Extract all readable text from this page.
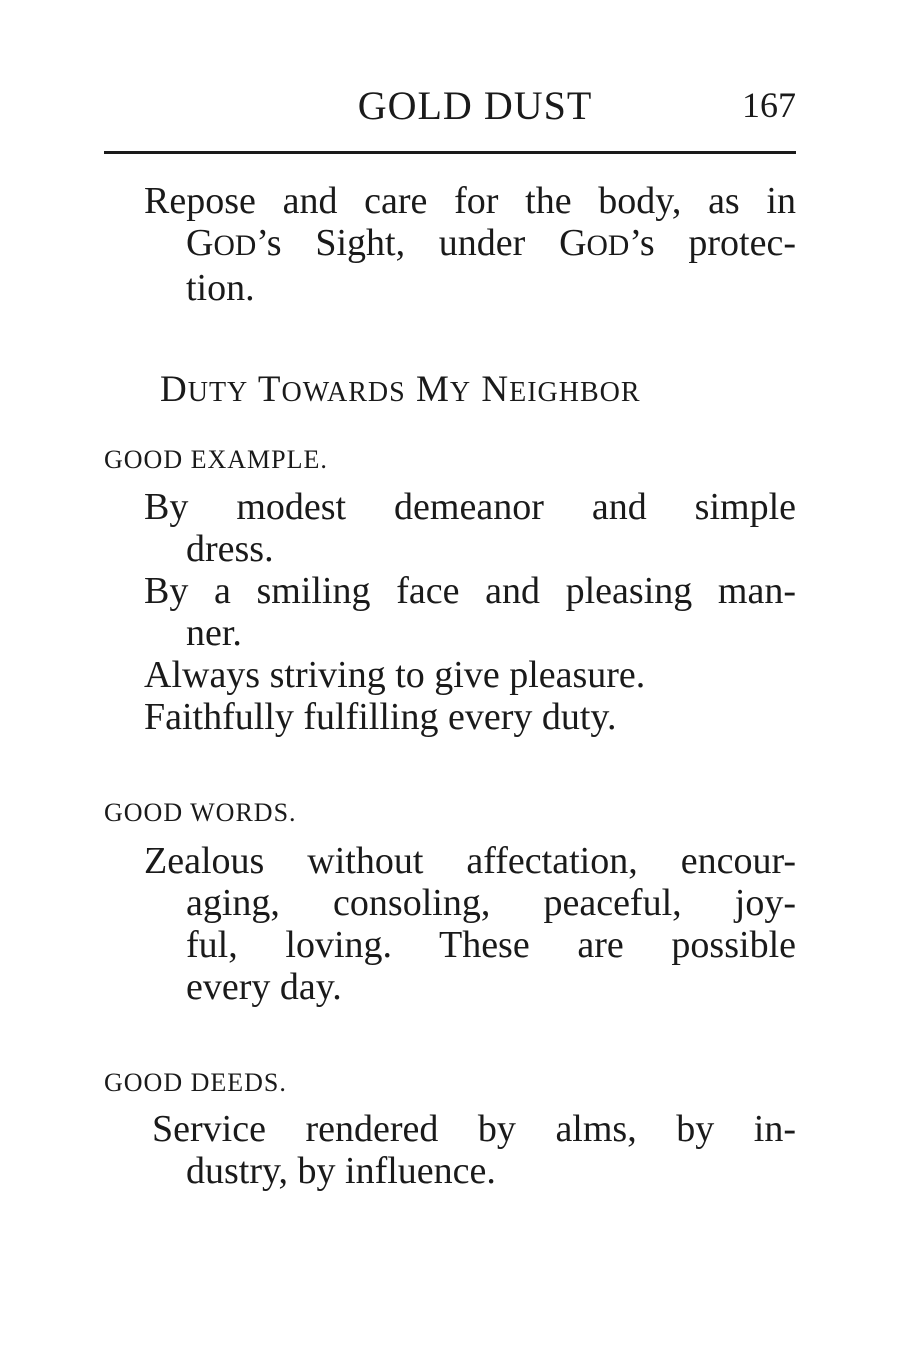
GOLD DUST	167
Repose and care for the body, as in
GOD’s Sight, under GOD’s protec-
tion.
DUTY TOWARDS MY NEIGHBOR
GOOD EXAMPLE.
By modest demeanor and simple
dress.
By a smiling face and pleasing man-
ner.
Always striving to give pleasure.
Faithfully fulfilling every duty.
GOOD WORDS.
Zealous without affectation, encour-
aging, consoling, peaceful, joy-
ful, loving. These are possible
every day.
GOOD DEEDS.
Service rendered by alms, by in-
dustry, by influence.
